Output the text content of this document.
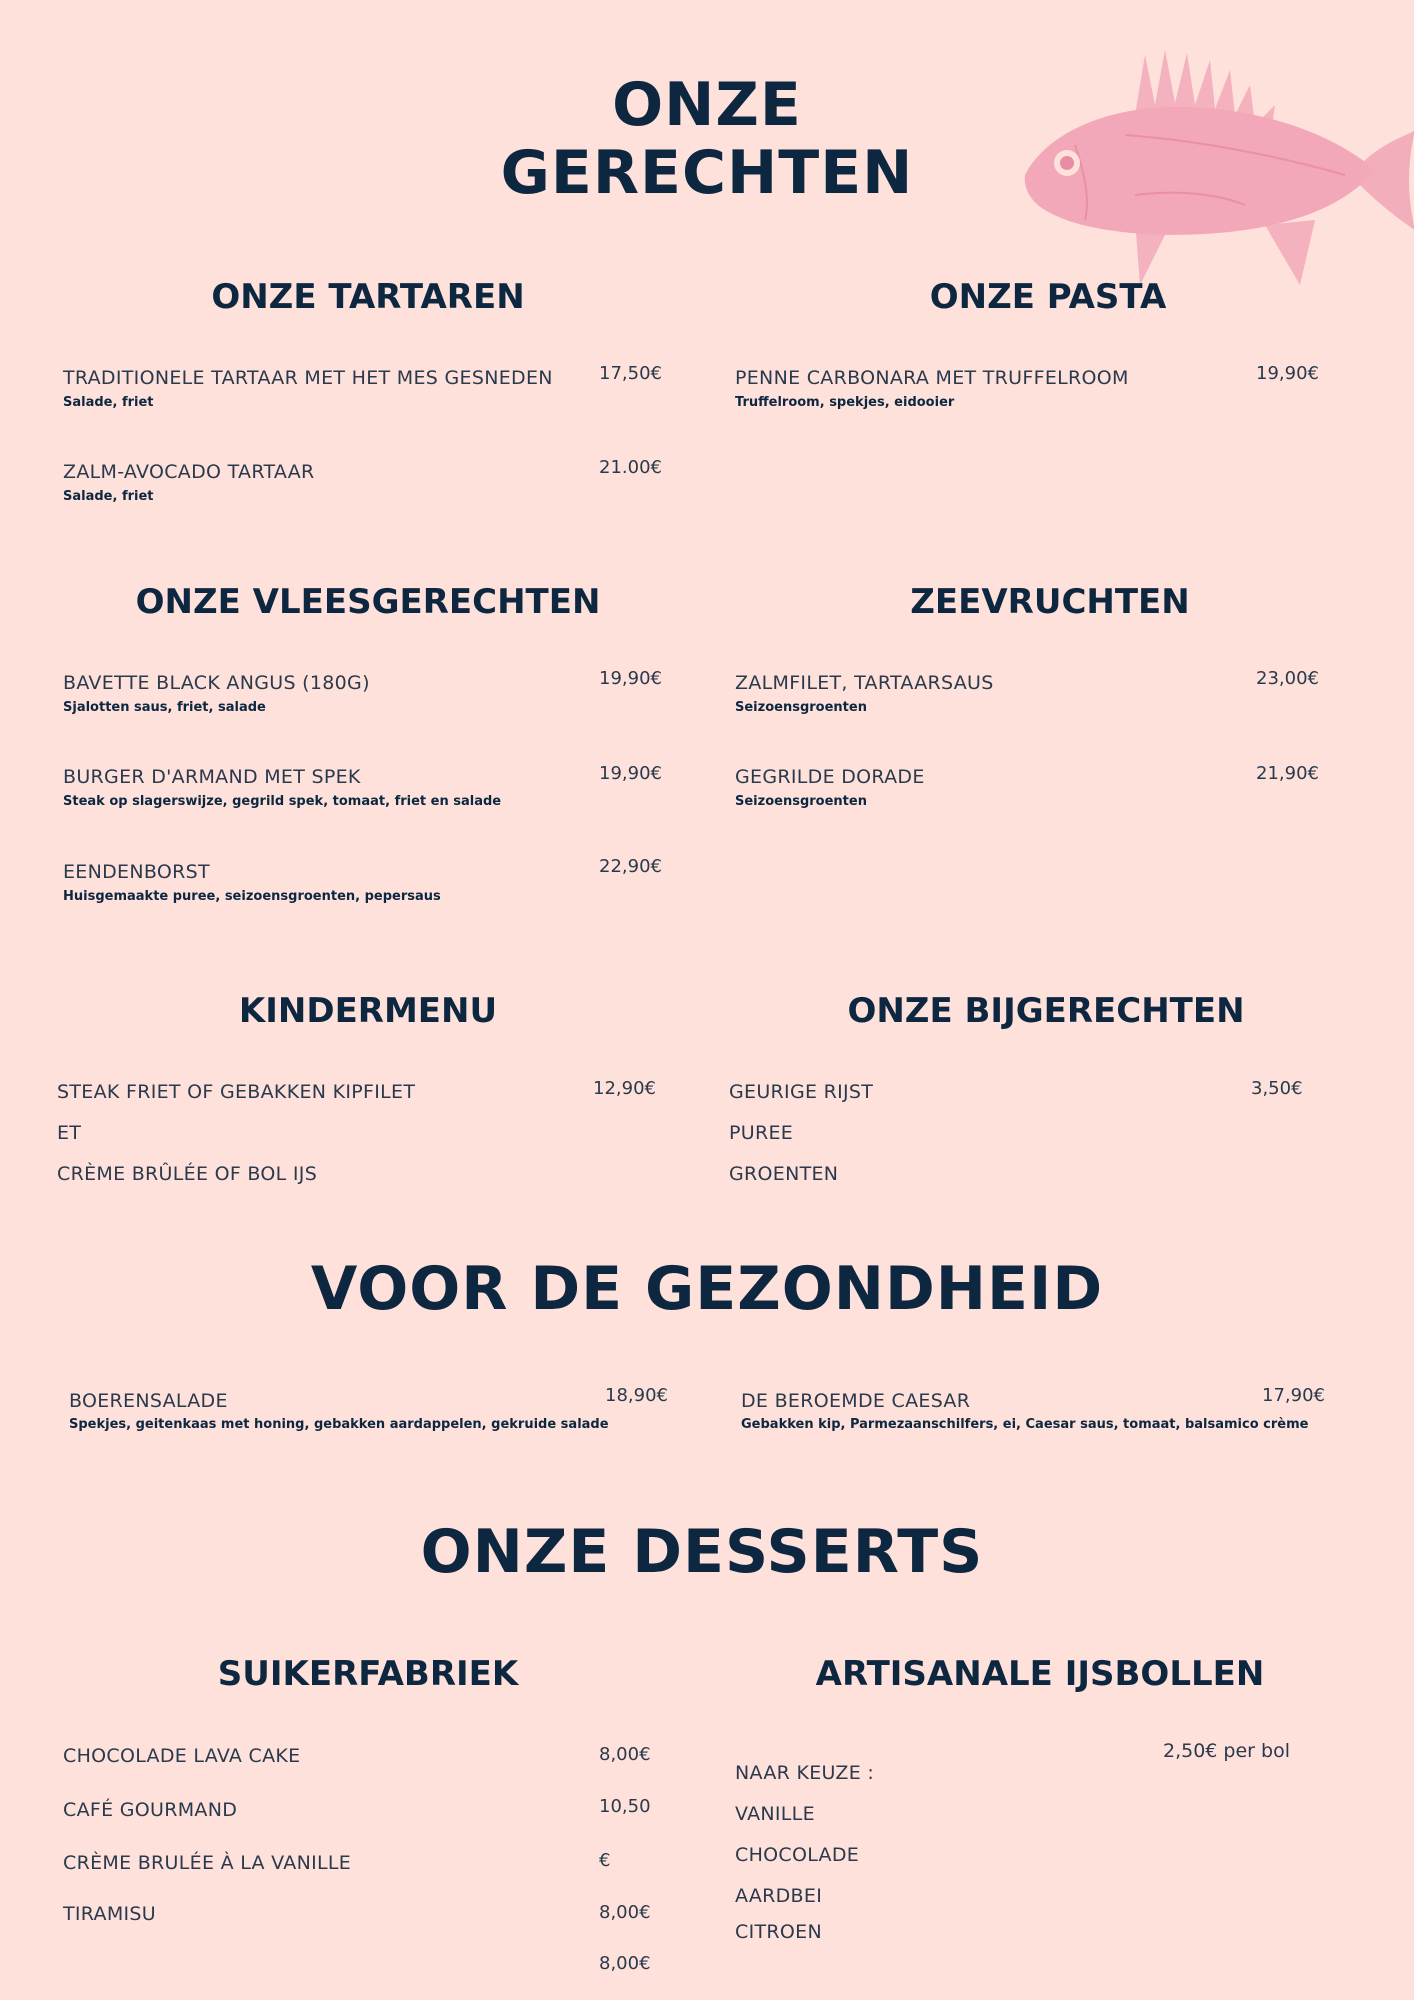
ONZE
GERECHTEN
ONZE TARTAREN
TRADITIONELE TARTAAR MET HET MES GESNEDEN
Salade, friet
17,50€
ZALM-AVOCADO TARTAAR
Salade, friet
21.00€
ONZE PASTA
PENNE CARBONARA MET TRUFFELROOM
Truffelroom, spekjes, eidooier
19,90€
ONZE VLEESGERECHTEN
BAVETTE BLACK ANGUS (180G)
Sjalotten saus, friet, salade
19,90€
BURGER D'ARMAND MET SPEK
Steak op slagerswijze, gegrild spek, tomaat, friet en salade
19,90€
EENDENBORST
Huisgemaakte puree, seizoensgroenten, pepersaus
22,90€
ZEEVRUCHTEN
ZALMFILET, TARTAARSAUS
Seizoensgroenten
23,00€
GEGRILDE DORADE
Seizoensgroenten
21,90€
KINDERMENU
STEAK FRIET OF GEBAKKEN KIPFILET
ET
CRÈME BRÛLÉE OF BOL IJS
12,90€
ONZE BIJGERECHTEN
GEURIGE RIJST
PUREE
GROENTEN
3,50€
VOOR DE GEZONDHEID
BOERENSALADE
Spekjes, geitenkaas met honing, gebakken aardappelen, gekruide salade
18,90€	DE BEROEMDE CAESAR
Gebakken kip, Parmezaanschilfers, ei, Caesar saus, tomaat, balsamico crème
17,90€
ONZE DESSERTS
SUIKERFABRIEK
CHOCOLADE LAVA CAKE
CAFÉ GOURMAND
CRÈME BRULÉE À LA VANILLE
TIRAMISU
8,00€
10,50
€
8,00€
8,00€
ARTISANALE IJSBOLLEN
2,50€ per bol
NAAR KEUZE :
VANILLE
CHOCOLADE
AARDBEI
CITROEN
